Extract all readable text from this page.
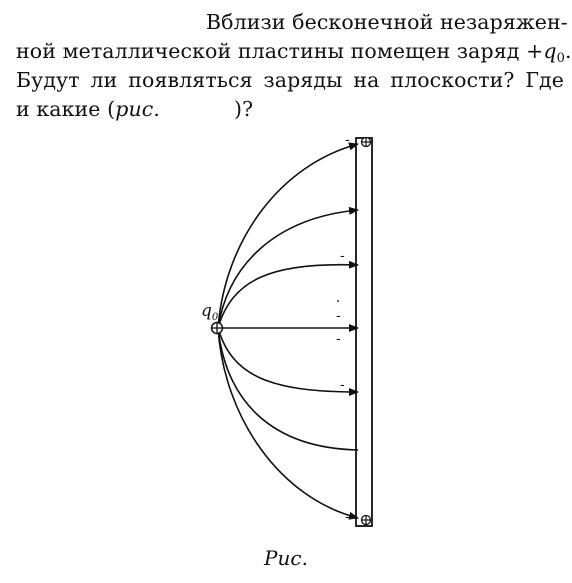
Вблизи бесконечной незаряжен-
ной металлической пластины помещен заряд $+q_0$.
Будут ли появляться заряды на плоскости? Где
и какие (рис.	)?
$q_0$
-
-
-
-
-
-
Рис.
